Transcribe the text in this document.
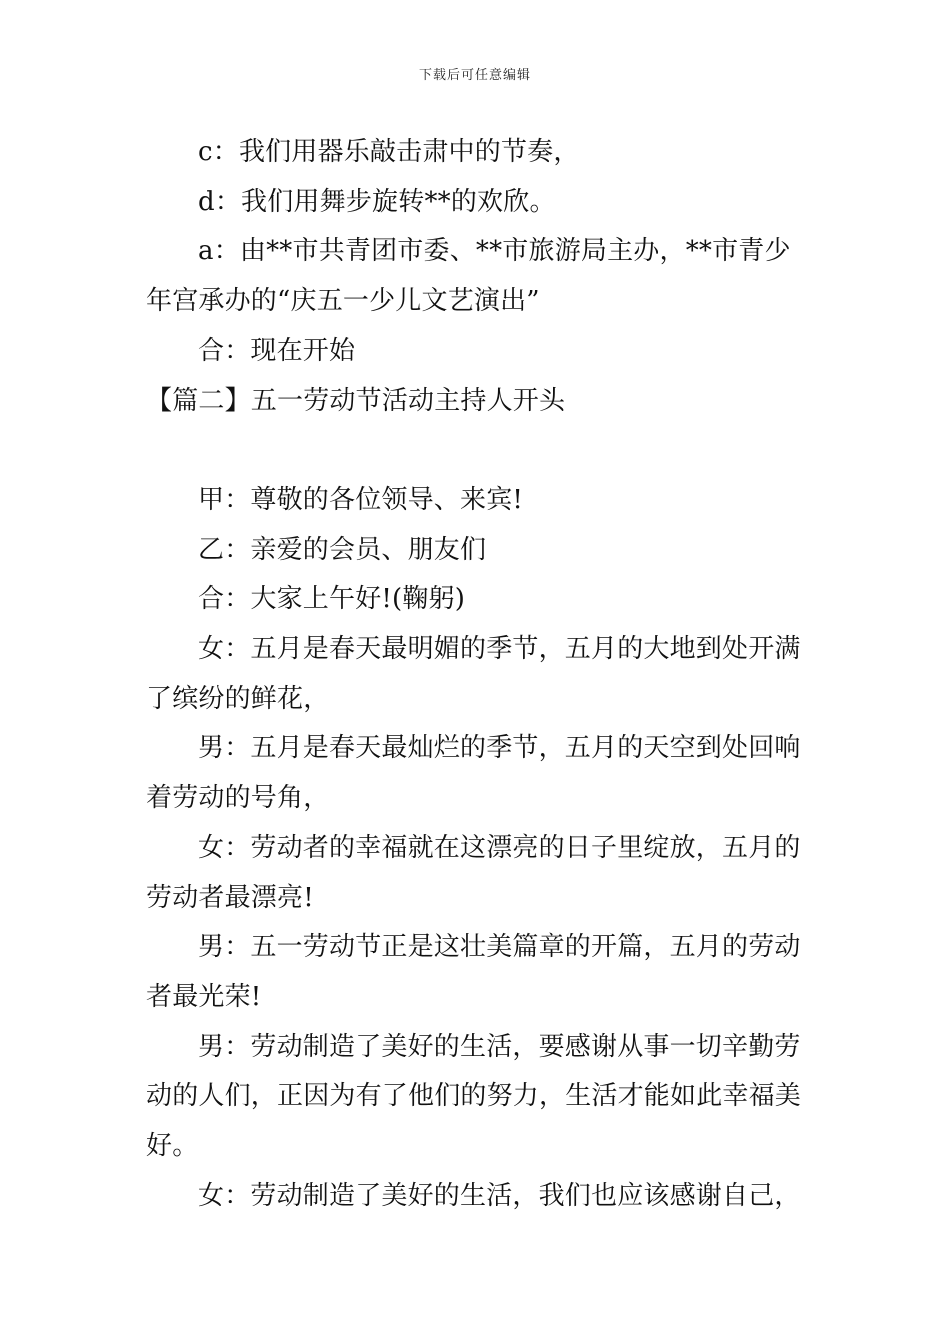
下载后可任意编辑

c：我们用器乐敲击肃中的节奏，

d：我们用舞步旋转**的欢欣。

a：由**市共青团市委、**市旅游局主办，**市青少年宫承办的“庆五一少儿文艺演出”

合：现在开始

【篇二】五一劳动节活动主持人开头

甲：尊敬的各位领导、来宾!

乙：亲爱的会员、朋友们

合：大家上午好!(鞠躬)

女：五月是春天最明媚的季节，五月的大地到处开满了缤纷的鲜花，

男：五月是春天最灿烂的季节，五月的天空到处回响着劳动的号角，

女：劳动者的幸福就在这漂亮的日子里绽放，五月的劳动者最漂亮!

男：五一劳动节正是这壮美篇章的开篇，五月的劳动者最光荣!

男：劳动制造了美好的生活，要感谢从事一切辛勤劳动的人们，正因为有了他们的努力，生活才能如此幸福美好。

女：劳动制造了美好的生活，我们也应该感谢自己，
